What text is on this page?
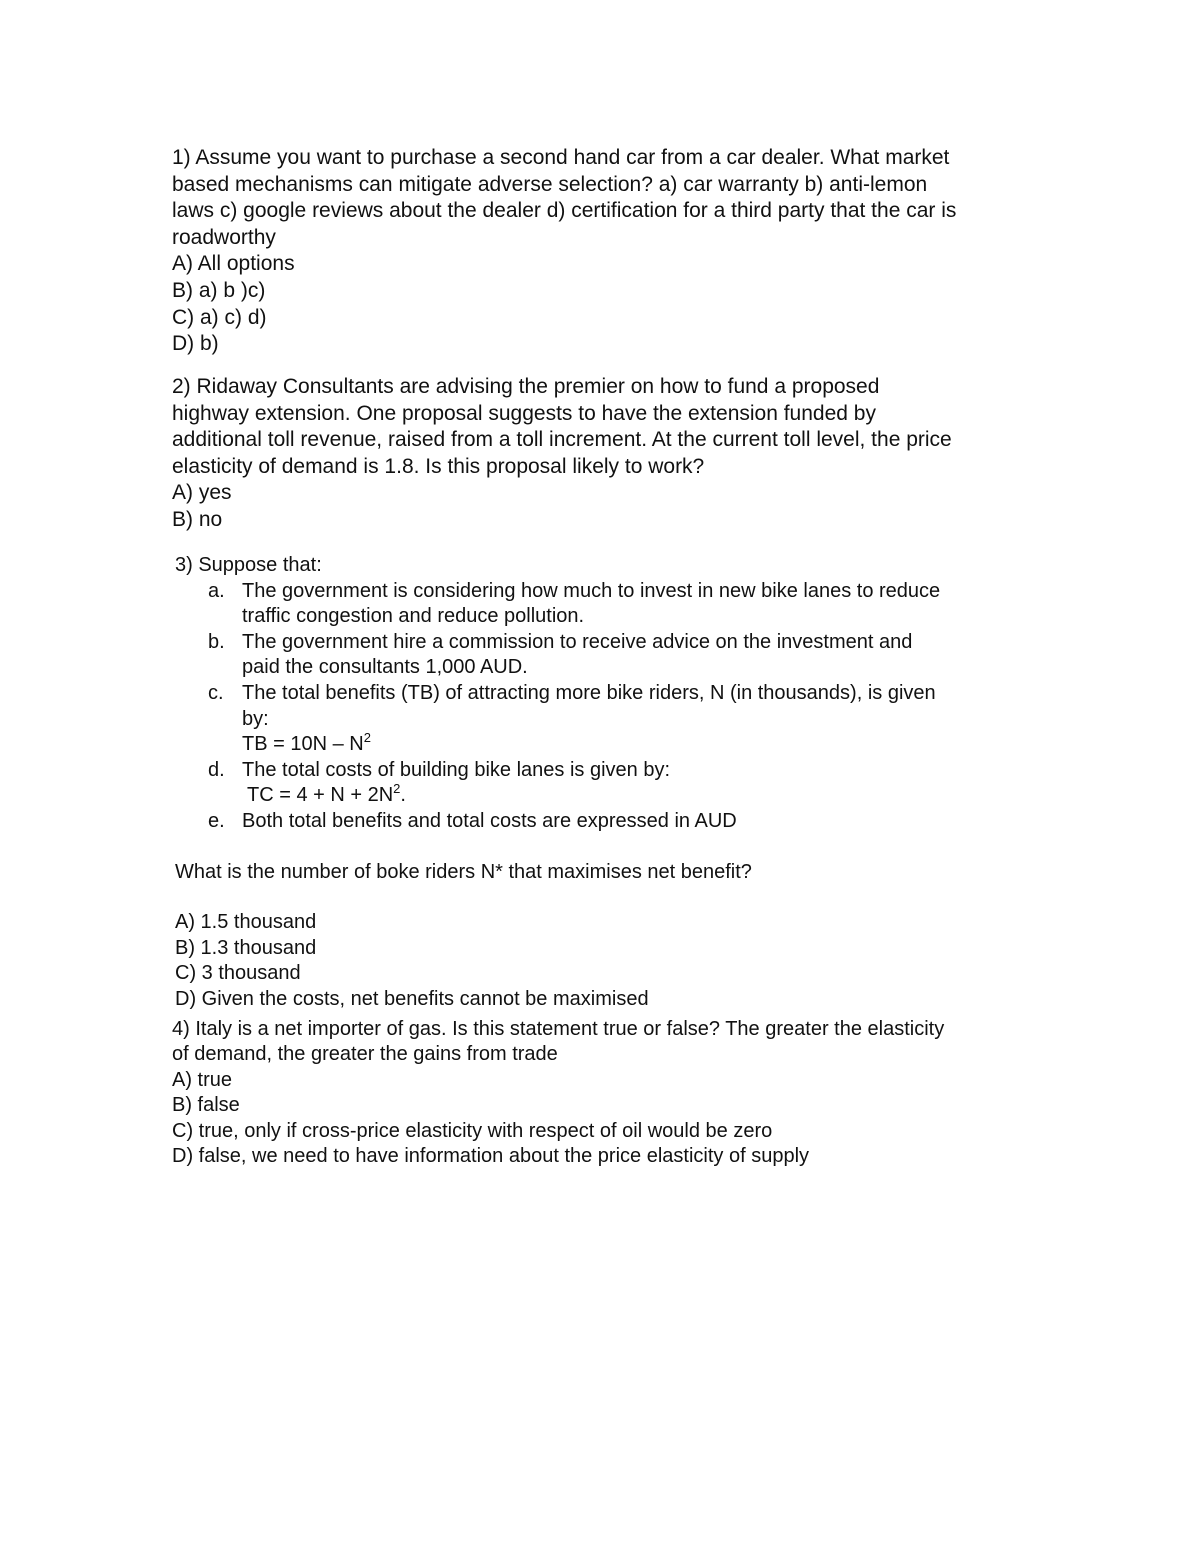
1) Assume you want to purchase a second hand car from a car dealer. What market
based mechanisms can mitigate adverse selection? a) car warranty b) anti-lemon
laws c) google reviews about the dealer d) certification for a third party that the car is
roadworthy
A) All options
B) a) b )c)
C) a) c) d)
D) b)
2) Ridaway Consultants are advising the premier on how to fund a proposed
highway extension. One proposal suggests to have the extension funded by
additional toll revenue, raised from a toll increment. At the current toll level, the price
elasticity of demand is 1.8. Is this proposal likely to work?
A) yes
B) no
3) Suppose that:
a. The government is considering how much to invest in new bike lanes to reduce
traffic congestion and reduce pollution.
b. The government hire a commission to receive advice on the investment and
paid the consultants 1,000 AUD.
c. The total benefits (TB) of attracting more bike riders, N (in thousands), is given
by:
TB = $10N - N^2$
d. The total costs of building bike lanes is given by:
TC = $4 + N + 2N^2$.
e. Both total benefits and total costs are expressed in AUD
What is the number of boke riders N* that maximises net benefit?
A) 1.5 thousand
B) 1.3 thousand
C) 3 thousand
D) Given the costs, net benefits cannot be maximised
4) Italy is a net importer of gas. Is this statement true or false? The greater the elasticity
of demand, the greater the gains from trade
A) true
B) false
C) true, only if cross-price elasticity with respect of oil would be zero
D) false, we need to have information about the price elasticity of supply
